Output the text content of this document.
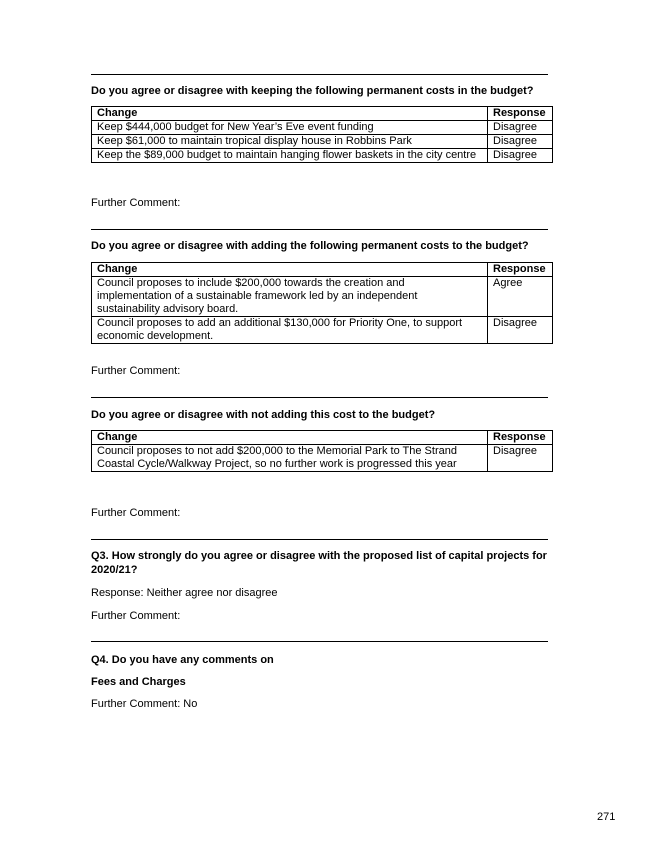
Do you agree or disagree with keeping the following permanent costs in the budget?
Change	Response
Keep $444,000 budget for New Year’s Eve event funding	Disagree
Keep $61,000 to maintain tropical display house in Robbins Park	Disagree
Keep the $89,000 budget to maintain hanging flower baskets in the city centre	Disagree
Further Comment:
Do you agree or disagree with adding the following permanent costs to the budget?
Change	Response
Council proposes to include $200,000 towards the creation and implementation of a sustainable framework led by an independent sustainability advisory board.	Agree
Council proposes to add an additional $130,000 for Priority One, to support economic development.	Disagree
Further Comment:
Do you agree or disagree with not adding this cost to the budget?
Change	Response
Council proposes to not add $200,000 to the Memorial Park to The Strand Coastal Cycle/Walkway Project, so no further work is progressed this year	Disagree
Further Comment:
Q3. How strongly do you agree or disagree with the proposed list of capital projects for 2020/21?
Response: Neither agree nor disagree
Further Comment:
Q4. Do you have any comments on
Fees and Charges
Further Comment: No
271
